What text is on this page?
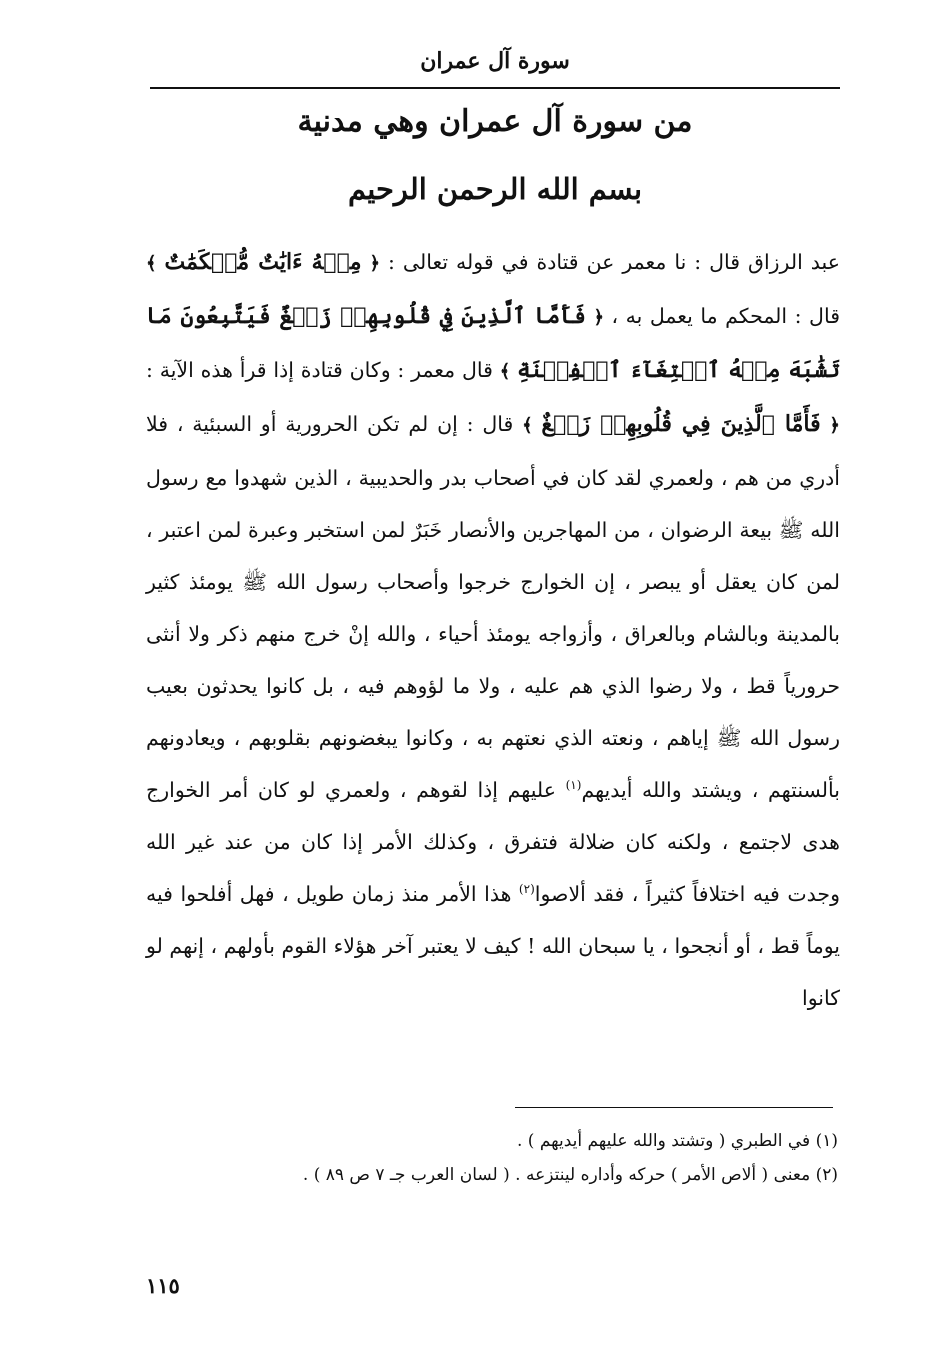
سورة آل عمران
من سورة آل عمران وهي مدنية
بسم الله الرحمن الرحيم

عبد الرزاق قال : نا معمر عن قتادة في قوله تعالى : ﴿ مِنۡهُ ءَايَٰتٌ مُّحۡكَمَٰتٌ ﴾ قال : المحكم ما يعمل به ، ﴿ فَأَمَّا ٱلَّذِينَ فِي قُلُوبِهِمۡ زَيۡغٌ فَيَتَّبِعُونَ مَا تَشَٰبَهَ مِنۡهُ ٱبۡتِغَآءَ ٱلۡفِتۡنَةِ ﴾ قال معمر : وكان قتادة إذا قرأ هذه الآية : ﴿ فَأَمَّا ٱلَّذِينَ فِي قُلُوبِهِمۡ زَيۡغٌ ﴾ قال : إن لم تكن الحرورية أو السبئية ، فلا أدري من هم ، ولعمري لقد كان في أصحاب بدر والحديبية ، الذين شهدوا مع رسول الله ﷺ بيعة الرضوان ، من المهاجرين والأنصار خَبَرٌ لمن استخبر وعبرة لمن اعتبر ، لمن كان يعقل أو يبصر ، إن الخوارج خرجوا وأصحاب رسول الله ﷺ يومئذ كثير بالمدينة وبالشام وبالعراق ، وأزواجه يومئذ أحياء ، والله إنْ خرج منهم ذكر ولا أنثى حرورياً قط ، ولا رضوا الذي هم عليه ، ولا ما لؤوهم فيه ، بل كانوا يحدثون بعيب رسول الله ﷺ إياهم ، ونعته الذي نعتهم به ، وكانوا يبغضونهم بقلوبهم ، ويعادونهم بألسنتهم ، ويشتد والله أيديهم$^{(١)}$ عليهم إذا لقوهم ، ولعمري لو كان أمر الخوارج هدى لاجتمع ، ولكنه كان ضلالة فتفرق ، وكذلك الأمر إذا كان من عند غير الله وجدت فيه اختلافاً كثيراً ، فقد ألاصوا$^{(٢)}$ هذا الأمر منذ زمان طويل ، فهل أفلحوا فيه يوماً قط ، أو أنجحوا ، يا سبحان الله ! كيف لا يعتبر آخر هؤلاء القوم بأولهم ، إنهم لو كانوا

(١) في الطبري ( وتشتد والله عليهم أيديهم ) .
(٢) معنى ( ألاص الأمر ) حركه وأداره لينتزعه . ( لسان العرب جـ ٧ ص ٨٩ ) .
١١٥
